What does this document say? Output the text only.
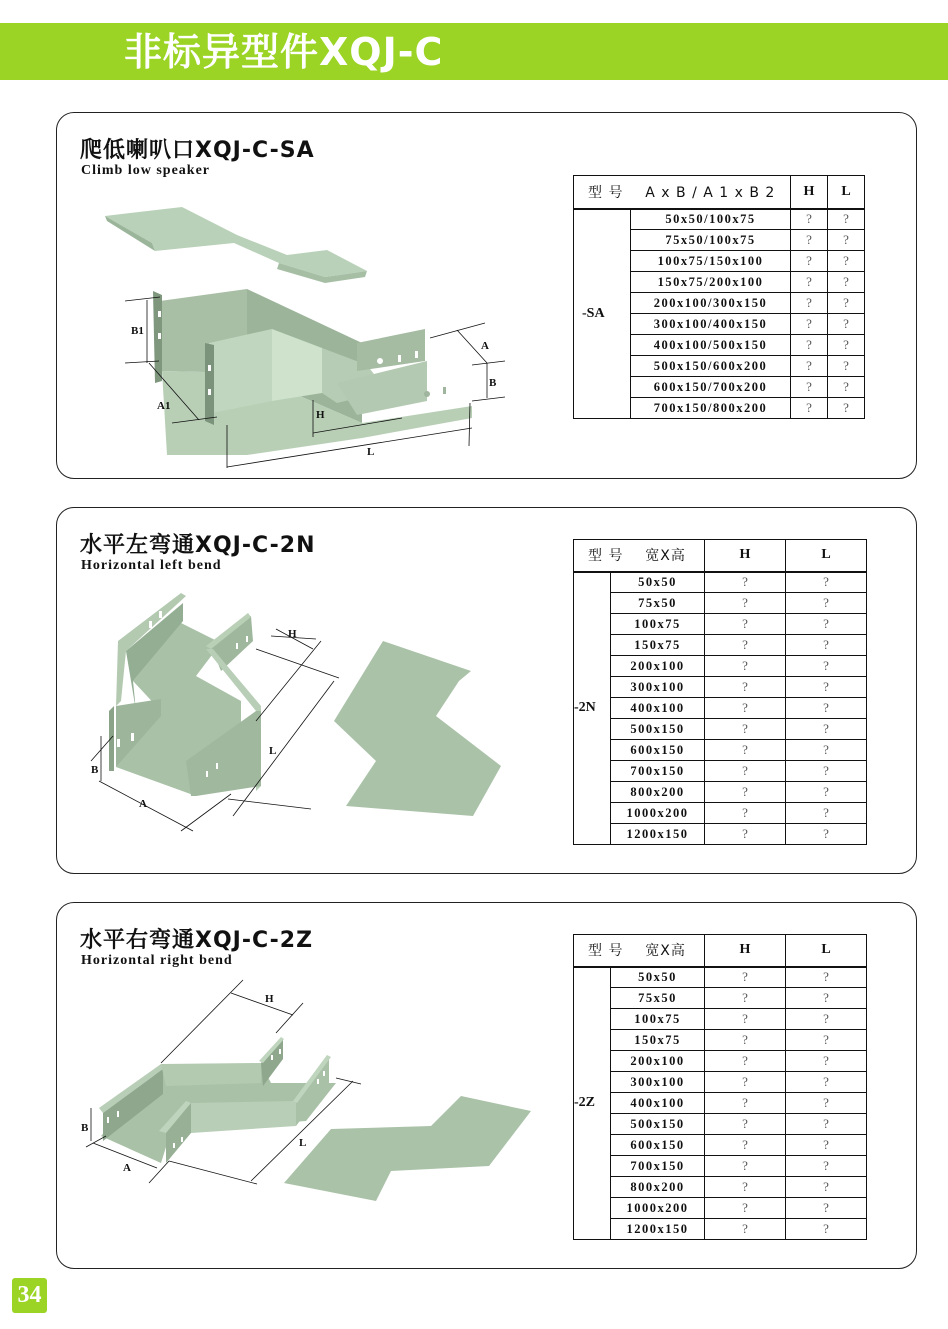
非标异型件XQJ-C
爬低喇叭口XQJ-C-SA
Climb low speaker
B1
A1
A
B
H
L
型 号 A x B / A 1 x B 2		H	L
-SA	50x50/100x75	?	?
	75x50/100x75	?	?
	100x75/150x100	?	?
	150x75/200x100	?	?
	200x100/300x150	?	?
	300x100/400x150	?	?
	400x100/500x150	?	?
	500x150/600x200	?	?
	600x150/700x200	?	?
	700x150/800x200	?	?
水平左弯通XQJ-C-2N
Horizontal left bend
B
A
L
H
型 号 宽X高		H	L
-2N	50x50	?	?
	75x50	?	?
	100x75	?	?
	150x75	?	?
	200x100	?	?
	300x100	?	?
	400x100	?	?
	500x150	?	?
	600x150	?	?
	700x150	?	?
	800x200	?	?
	1000x200	?	?
	1200x150	?	?
水平右弯通XQJ-C-2Z
Horizontal right bend
B
A
L
H
型 号 宽X高		H	L
-2Z	50x50	?	?
	75x50	?	?
	100x75	?	?
	150x75	?	?
	200x100	?	?
	300x100	?	?
	400x100	?	?
	500x150	?	?
	600x150	?	?
	700x150	?	?
	800x200	?	?
	1000x200	?	?
	1200x150	?	?
34
